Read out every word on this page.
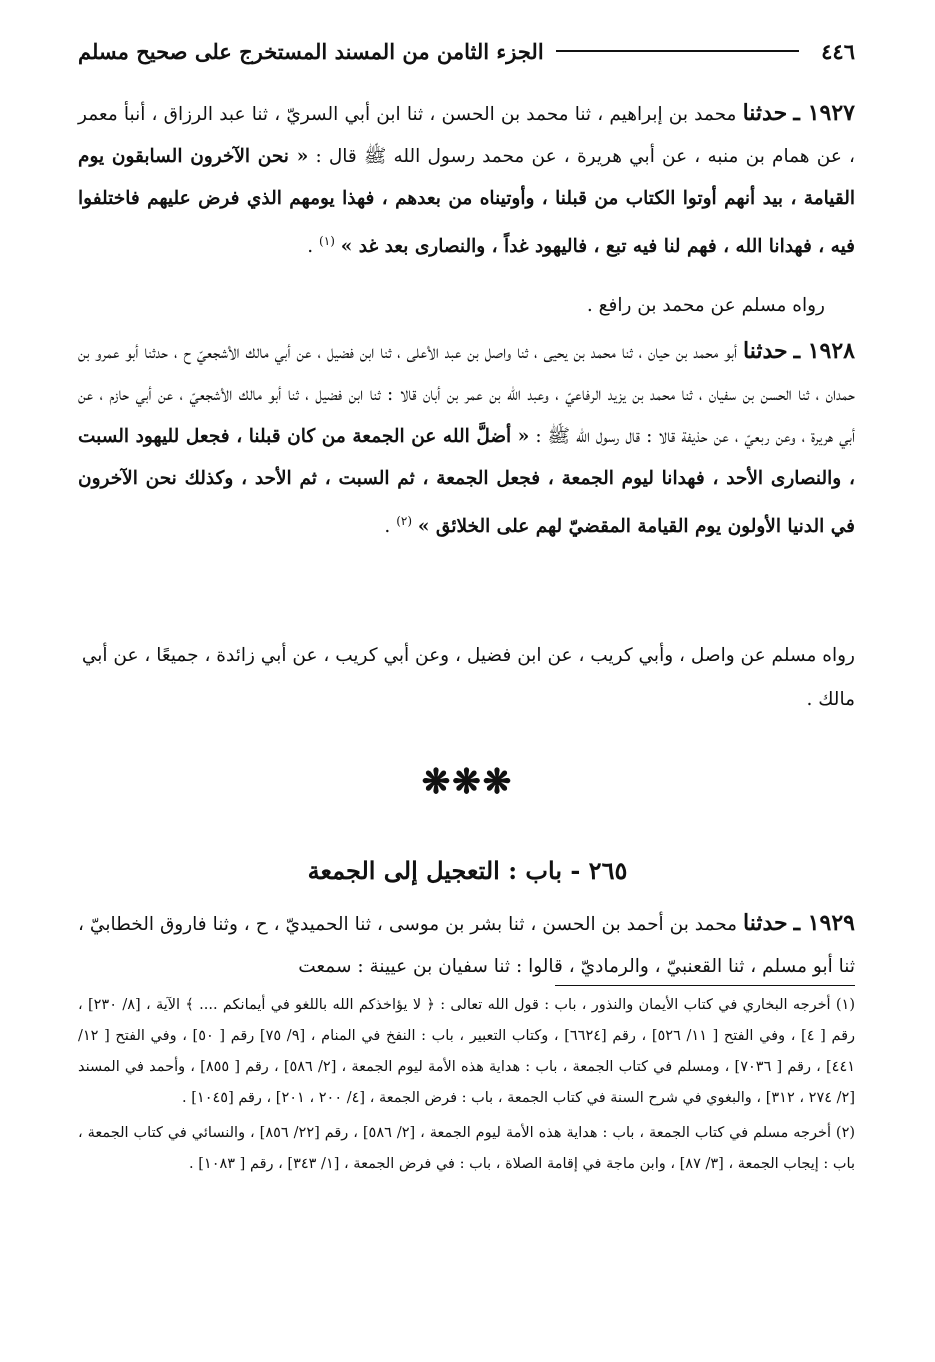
٤٤٦
الجزء الثامن من المسند المستخرج على صحيح مسلم

١٩٢٧ ـ حدثنا محمد بن إبراهيم ، ثنا محمد بن الحسن ، ثنا ابن أبي السريّ ، ثنا عبد الرزاق ، أنبأ معمر ، عن همام بن منبه ، عن أبي هريرة ، عن محمد رسول الله ﷺ قال : « نحن الآخرون السابقون يوم القيامة ، بيد أنهم أوتوا الكتاب من قبلنا ، وأوتيناه من بعدهم ، فهذا يومهم الذي فرض عليهم فاختلفوا فيه ، فهدانا الله ، فهم لنا فيه تبع ، فاليهود غداً ، والنصارى بعد غد » $^{(١)}$ .

رواه مسلم عن محمد بن رافع .

١٩٢٨ ـ حدثنا أبو محمد بن حيان ، ثنا محمد بن يحيى ، ثنا واصل بن عبد الأعلى ، ثنا ابن فضيل ، عن أبي مالك الأشجعيّ ح ، حدثنا أبو عمرو بن حمدان ، ثنا الحسن بن سفيان ، ثنا محمد بن يزيد الرفاعيّ ، وعبد الله بن عمر بن أبان قالا : ثنا ابن فضيل ، ثنا أبو مالك الأشجعيّ ، عن أبي حازم ، عن أبي هريرة ، وعن ربعيّ ، عن حذيفة قالا : قال رسول الله ﷺ : « أضلَّ الله عن الجمعة من كان قبلنا ، فجعل لليهود السبت ، والنصارى الأحد ، فهدانا ليوم الجمعة ، فجعل الجمعة ، ثم السبت ، ثم الأحد ، وكذلك نحن الآخرون في الدنيا الأولون يوم القيامة المقضيّ لهم على الخلائق » $^{(٢)}$ .

رواه مسلم عن واصل ، وأبي كريب ، عن ابن فضيل ، وعن أبي كريب ، عن أبي زائدة ، جميعًا ، عن أبي مالك .

❋❋❋
٢٦٥ - باب : التعجيل إلى الجمعة

١٩٢٩ ـ حدثنا محمد بن أحمد بن الحسن ، ثنا بشر بن موسى ، ثنا الحميديّ ، ح ، وثنا فاروق الخطابيّ ، ثنا أبو مسلم ، ثنا القعنبيّ ، والرماديّ ، قالوا : ثنا سفيان بن عيينة : سمعت

(١) أخرجه البخاري في كتاب الأيمان والنذور ، باب : قول الله تعالى : ﴿ لا يؤاخذكم الله باللغو في أيمانكم .... ﴾ الآية ، [٨/ ٢٣٠] ، رقم [ ٤] ، وفي الفتح [ ١١/ ٥٢٦] ، رقم [٦٦٢٤] ، وكتاب التعبير ، باب : النفخ في المنام ، [٩/ ٧٥] رقم [ ٥٠] ، وفي الفتح [ ١٢/ ٤٤١] ، رقم [ ٧٠٣٦] ، ومسلم في كتاب الجمعة ، باب : هداية هذه الأمة ليوم الجمعة ، [٢/ ٥٨٦] ، رقم [ ٨٥٥] ، وأحمد في المسند [٢/ ٢٧٤ ، ٣١٢] ، والبغوي في شرح السنة في كتاب الجمعة ، باب : فرض الجمعة ، [٤/ ٢٠٠ ، ٢٠١] ، رقم [١٠٤٥] .
(٢) أخرجه مسلم في كتاب الجمعة ، باب : هداية هذه الأمة ليوم الجمعة ، [٢/ ٥٨٦] ، رقم [٢٢/ ٨٥٦] ، والنسائي في كتاب الجمعة ، باب : إيجاب الجمعة ، [٣/ ٨٧] ، وابن ماجة في إقامة الصلاة ، باب : في فرض الجمعة ، [١/ ٣٤٣] ، رقم [ ١٠٨٣] .
